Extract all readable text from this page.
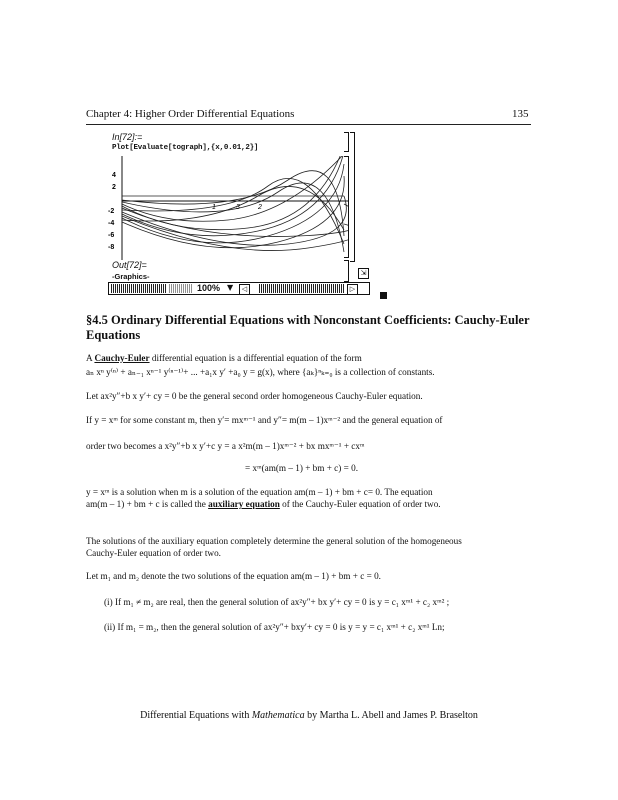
Chapter 4: Higher Order Differential Equations	135
In[72]:=
Plot[Evaluate[tograph],{x,0.01,2}]
4
2
-2
-4
-6
-8
1	3	2
Out[72]=
-Graphics-	⇲
100% ▼	◁	▷
§4.5 Ordinary Differential Equations with Nonconstant Coefficients: Cauchy-Euler Equations
A Cauchy-Euler differential equation is a differential equation of the form
aₙ xⁿ y⁽ⁿ⁾ + aₙ₋₁ xⁿ⁻¹ y⁽ⁿ⁻¹⁾+ ... +a₁x y′ +a₀ y = g(x), where {aₖ}ⁿₖ₌₀ is a collection of constants.
Let ax²y″+b x y′+ cy = 0 be the general second order homogeneous Cauchy-Euler equation.
If y = xᵐ for some constant m, then y′= mxᵐ⁻¹ and y″= m(m – 1)xᵐ⁻² and the general equation of
order two becomes a x²y″+b x y′+c y = a x²m(m – 1)xᵐ⁻² + bx mxᵐ⁻¹ + cxᵐ
= xᵐ(am(m – 1) + bm + c) = 0.
y = xᵐ is a solution when m is a solution of the equation am(m – 1) + bm + c= 0. The equation
am(m – 1) + bm + c is called the auxiliary equation of the Cauchy-Euler equation of order two.
The solutions of the auxiliary equation completely determine the general solution of the homogeneous
Cauchy-Euler equation of order two.
Let m₁ and m₂ denote the two solutions of the equation am(m – 1) + bm + c = 0.
(i) If m₁ ≠ m₂ are real, then the general solution of ax²y″+ bx y′+ cy = 0 is y = c₁ xᵐ¹ + c₂ xᵐ² ;
(ii) If m₁ = m₂, then the general solution of ax²y″+ bxy′+ cy = 0 is y = y = c₁ xᵐ¹ + c₂ xᵐ¹ Ln;
Differential Equations with Mathematica by Martha L. Abell and James P. Braselton
